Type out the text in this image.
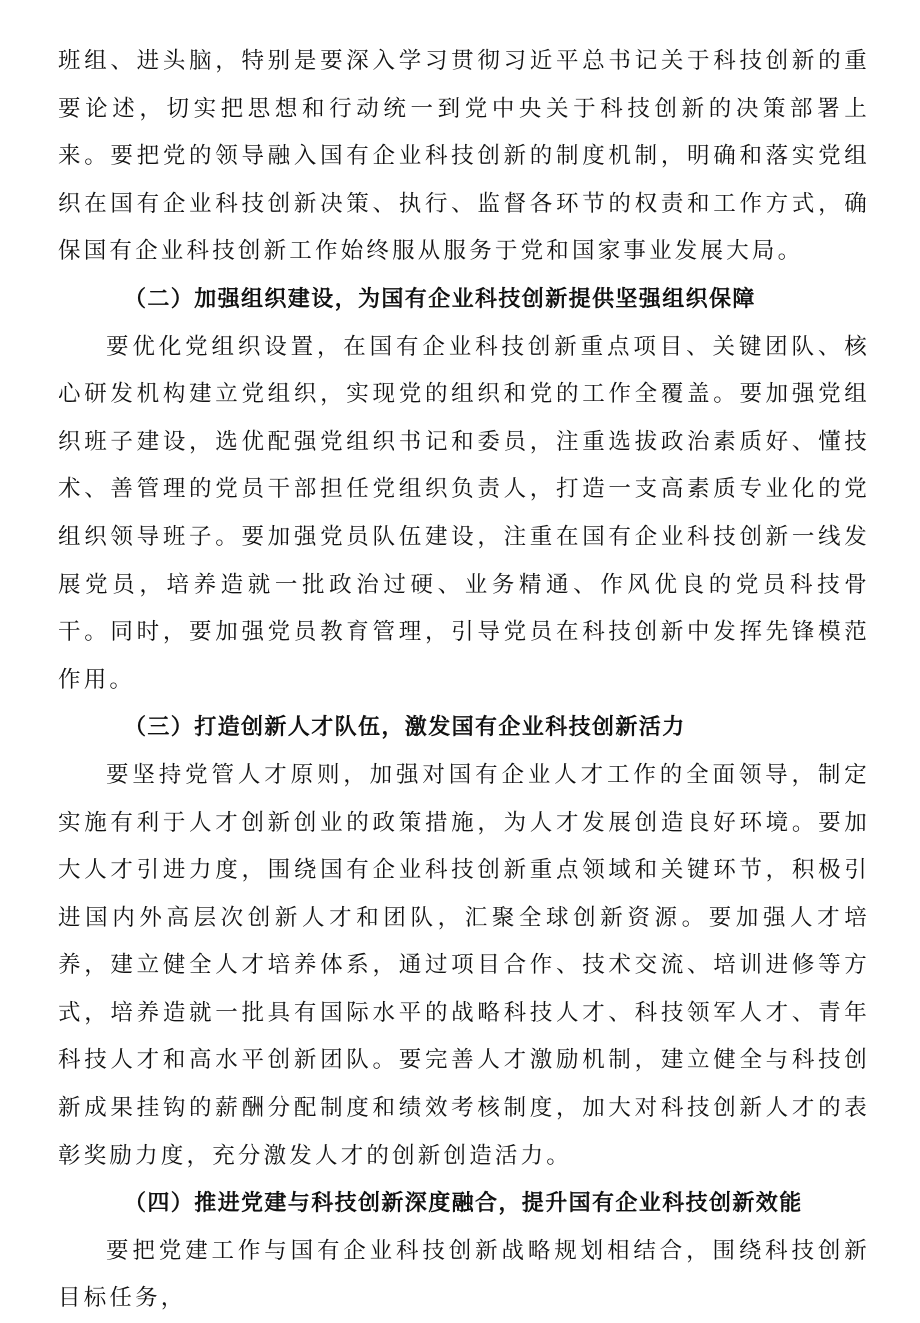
班组、进头脑，特别是要深入学习贯彻习近平总书记关于科技创新的重要论述，切实把思想和行动统一到党中央关于科技创新的决策部署上来。要把党的领导融入国有企业科技创新的制度机制，明确和落实党组织在国有企业科技创新决策、执行、监督各环节的权责和工作方式，确保国有企业科技创新工作始终服从服务于党和国家事业发展大局。

（二）加强组织建设，为国有企业科技创新提供坚强组织保障

要优化党组织设置，在国有企业科技创新重点项目、关键团队、核心研发机构建立党组织，实现党的组织和党的工作全覆盖。要加强党组织班子建设，选优配强党组织书记和委员，注重选拔政治素质好、懂技术、善管理的党员干部担任党组织负责人，打造一支高素质专业化的党组织领导班子。要加强党员队伍建设，注重在国有企业科技创新一线发展党员，培养造就一批政治过硬、业务精通、作风优良的党员科技骨干。同时，要加强党员教育管理，引导党员在科技创新中发挥先锋模范作用。

（三）打造创新人才队伍，激发国有企业科技创新活力

要坚持党管人才原则，加强对国有企业人才工作的全面领导，制定实施有利于人才创新创业的政策措施，为人才发展创造良好环境。要加大人才引进力度，围绕国有企业科技创新重点领域和关键环节，积极引进国内外高层次创新人才和团队，汇聚全球创新资源。要加强人才培养，建立健全人才培养体系，通过项目合作、技术交流、培训进修等方式，培养造就一批具有国际水平的战略科技人才、科技领军人才、青年科技人才和高水平创新团队。要完善人才激励机制，建立健全与科技创新成果挂钩的薪酬分配制度和绩效考核制度，加大对科技创新人才的表彰奖励力度，充分激发人才的创新创造活力。

（四）推进党建与科技创新深度融合，提升国有企业科技创新效能

要把党建工作与国有企业科技创新战略规划相结合，围绕科技创新目标任务，
